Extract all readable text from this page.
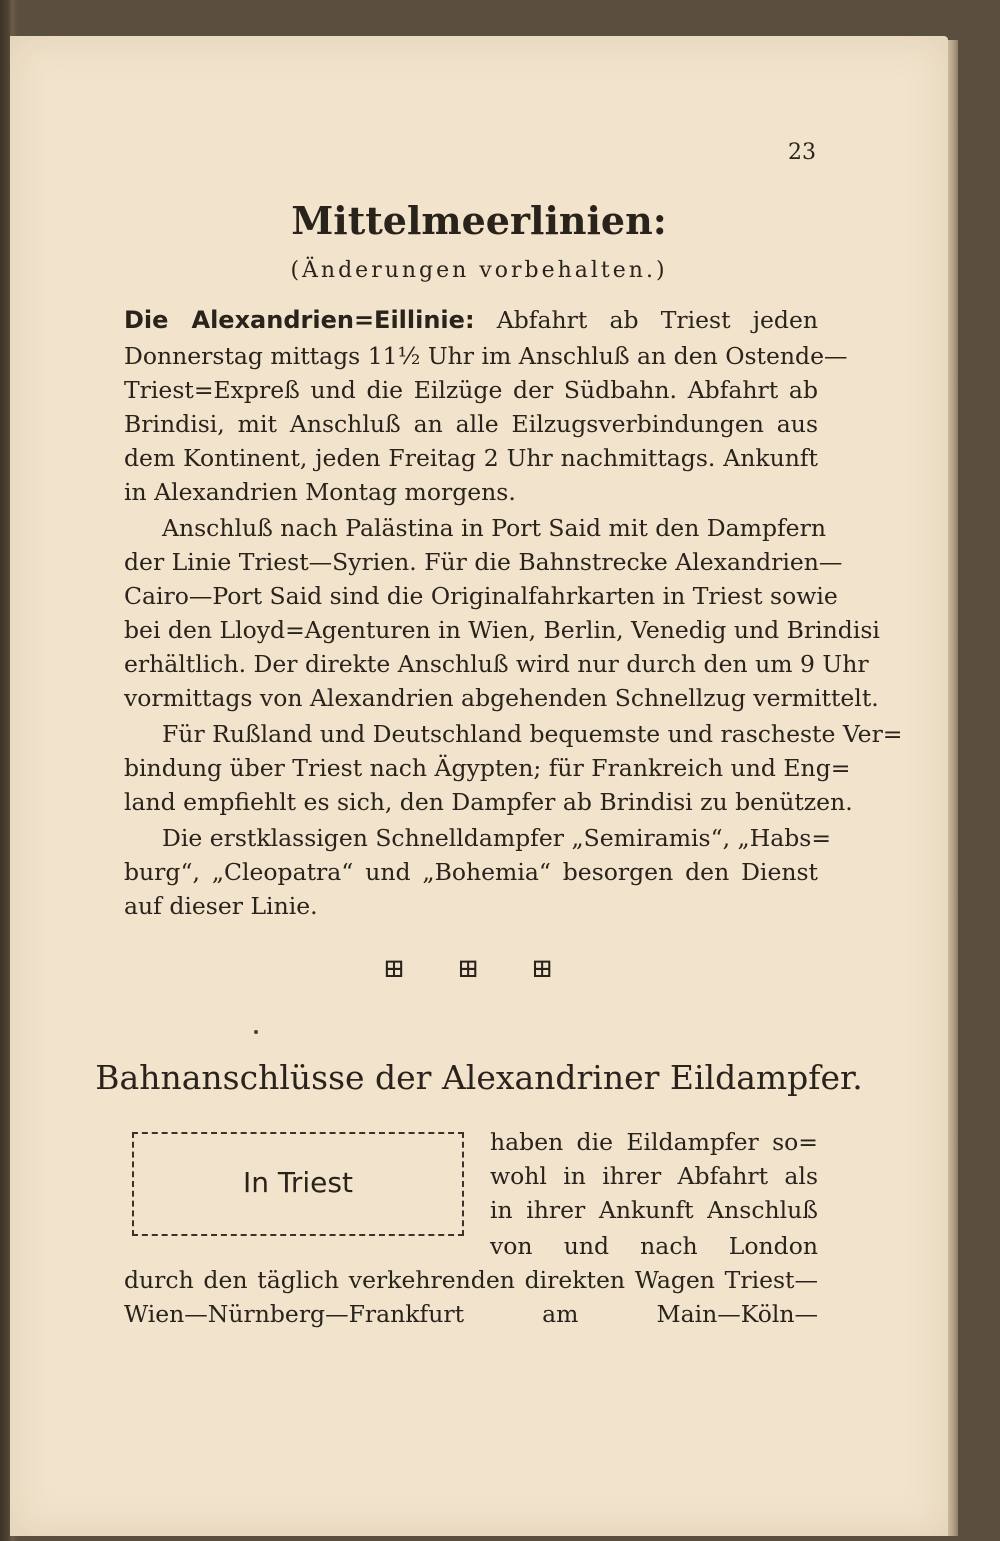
23
Mittelmeerlinien:
(Änderungen vorbehalten.)
Die Alexandrien=Eillinie: Abfahrt ab Triest jeden
Donnerstag mittags 11½ Uhr im Anschluß an den Ostende—
Triest=Expreß und die Eilzüge der Südbahn. Abfahrt ab
Brindisi, mit Anschluß an alle Eilzugsverbindungen aus
dem Kontinent, jeden Freitag 2 Uhr nachmittags. Ankunft
in Alexandrien Montag morgens.
Anschluß nach Palästina in Port Said mit den Dampfern
der Linie Triest—Syrien. Für die Bahnstrecke Alexandrien—
Cairo—Port Said sind die Originalfahrkarten in Triest sowie
bei den Lloyd=Agenturen in Wien, Berlin, Venedig und Brindisi
erhältlich. Der direkte Anschluß wird nur durch den um 9 Uhr
vormittags von Alexandrien abgehenden Schnellzug vermittelt.
Für Rußland und Deutschland bequemste und rascheste Ver=
bindung über Triest nach Ägypten; für Frankreich und Eng=
land empfiehlt es sich, den Dampfer ab Brindisi zu benützen.
Die erstklassigen Schnelldampfer „Semiramis“, „Habs=
burg“, „Cleopatra“ und „Bohemia“ besorgen den Dienst
auf dieser Linie.
⊞ ⊞ ⊞
Bahnanschlüsse der Alexandriner Eildampfer.
In Triest
haben die Eildampfer so=
wohl in ihrer Abfahrt als
in ihrer Ankunft Anschluß
von und nach London
durch den täglich verkehrenden direkten Wagen Triest—
Wien—Nürnberg—Frankfurt am Main—Köln—
